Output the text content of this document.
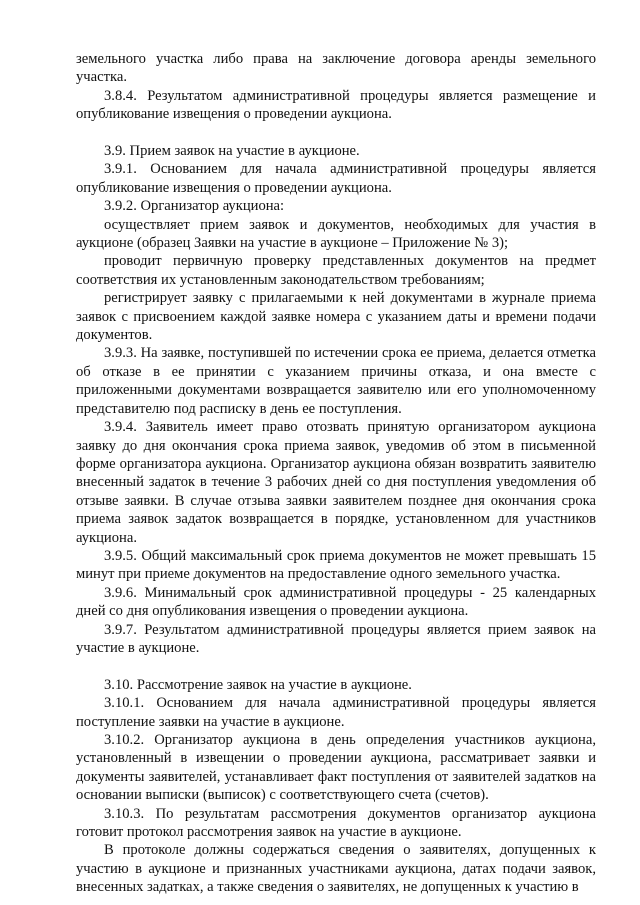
земельного участка либо права на заключение договора аренды земельного участка.

3.8.4. Результатом административной процедуры является размещение и опубликование извещения о проведении аукциона.

3.9. Прием заявок на участие в аукционе.

3.9.1. Основанием для начала административной процедуры является опубликование извещения о проведении аукциона.

3.9.2. Организатор аукциона:

осуществляет прием заявок и документов, необходимых для участия в аукционе (образец Заявки на участие в аукционе – Приложение № 3);

проводит первичную проверку представленных документов на предмет соответствия их установленным законодательством требованиям;

регистрирует заявку с прилагаемыми к ней документами в журнале приема заявок с присвоением каждой заявке номера с указанием даты и времени подачи документов.

3.9.3. На заявке, поступившей по истечении срока ее приема, делается отметка об отказе в ее принятии с указанием причины отказа, и она вместе с приложенными документами возвращается заявителю или его уполномоченному представителю под расписку в день ее поступления.

3.9.4. Заявитель имеет право отозвать принятую организатором аукциона заявку до дня окончания срока приема заявок, уведомив об этом в письменной форме организатора аукциона. Организатор аукциона обязан возвратить заявителю внесенный задаток в течение 3 рабочих дней со дня поступления уведомления об отзыве заявки. В случае отзыва заявки заявителем позднее дня окончания срока приема заявок задаток возвращается в порядке, установленном для участников аукциона.

3.9.5. Общий максимальный срок приема документов не может превышать 15 минут при приеме документов на предоставление одного земельного участка.

3.9.6. Минимальный срок административной процедуры - 25 календарных дней со дня опубликования извещения о проведении аукциона.

3.9.7. Результатом административной процедуры является прием заявок на участие в аукционе.

3.10. Рассмотрение заявок на участие в аукционе.

3.10.1. Основанием для начала административной процедуры является поступление заявки на участие в аукционе.

3.10.2. Организатор аукциона в день определения участников аукциона, установленный в извещении о проведении аукциона, рассматривает заявки и документы заявителей, устанавливает факт поступления от заявителей задатков на основании выписки (выписок) с соответствующего счета (счетов).

3.10.3. По результатам рассмотрения документов организатор аукциона готовит протокол рассмотрения заявок на участие в аукционе.

В протоколе должны содержаться сведения о заявителях, допущенных к участию в аукционе и признанных участниками аукциона, датах подачи заявок, внесенных задатках, а также сведения о заявителях, не допущенных к участию в
